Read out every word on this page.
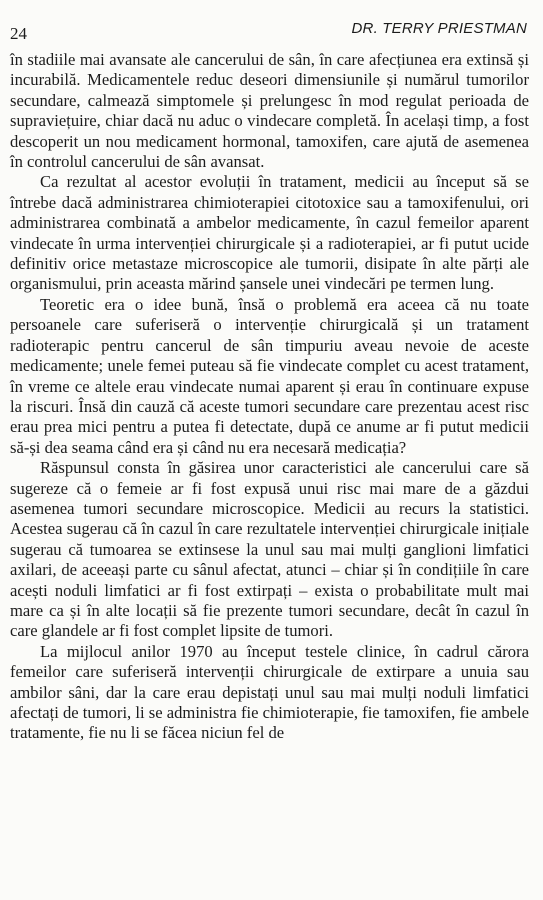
24	DR. TERRY PRIESTMAN

în stadiile mai avansate ale cancerului de sân, în care afecțiunea era extinsă și incurabilă. Medicamentele reduc deseori dimensiunile și numărul tumorilor secundare, calmează simptomele și prelungesc în mod regulat perioada de supraviețuire, chiar dacă nu aduc o vindecare completă. În același timp, a fost descoperit un nou medicament hormonal, tamoxifen, care ajută de asemenea în controlul cancerului de sân avansat.

Ca rezultat al acestor evoluții în tratament, medicii au început să se întrebe dacă administrarea chimioterapiei citotoxice sau a tamoxifenului, ori administrarea combinată a ambelor medicamente, în cazul femeilor aparent vindecate în urma intervenției chirurgicale și a radioterapiei, ar fi putut ucide definitiv orice metastaze microscopice ale tumorii, disipate în alte părți ale organismului, prin aceasta mărind șansele unei vindecări pe termen lung.

Teoretic era o idee bună, însă o problemă era aceea că nu toate persoanele care suferiseră o intervenție chirurgicală și un tratament radioterapic pentru cancerul de sân timpuriu aveau nevoie de aceste medicamente; unele femei puteau să fie vindecate complet cu acest tratament, în vreme ce altele erau vindecate numai aparent și erau în continuare expuse la riscuri. Însă din cauză că aceste tumori secundare care prezentau acest risc erau prea mici pentru a putea fi detectate, după ce anume ar fi putut medicii să-și dea seama când era și când nu era necesară medicația?

Răspunsul consta în găsirea unor caracteristici ale cancerului care să sugereze că o femeie ar fi fost expusă unui risc mai mare de a găzdui asemenea tumori secundare microscopice. Medicii au recurs la statistici. Acestea sugerau că în cazul în care rezultatele intervenției chirurgicale inițiale sugerau că tumoarea se extinsese la unul sau mai mulți ganglioni limfatici axilari, de aceeași parte cu sânul afectat, atunci – chiar și în condițiile în care acești noduli limfatici ar fi fost extirpați – exista o probabilitate mult mai mare ca și în alte locații să fie prezente tumori secundare, decât în cazul în care glandele ar fi fost complet lipsite de tumori.

La mijlocul anilor 1970 au început testele clinice, în cadrul cărora femeilor care suferiseră intervenții chirurgicale de extirpare a unuia sau ambilor sâni, dar la care erau depistați unul sau mai mulți noduli limfatici afectați de tumori, li se administra fie chimioterapie, fie tamoxifen, fie ambele tratamente, fie nu li se făcea niciun fel de
